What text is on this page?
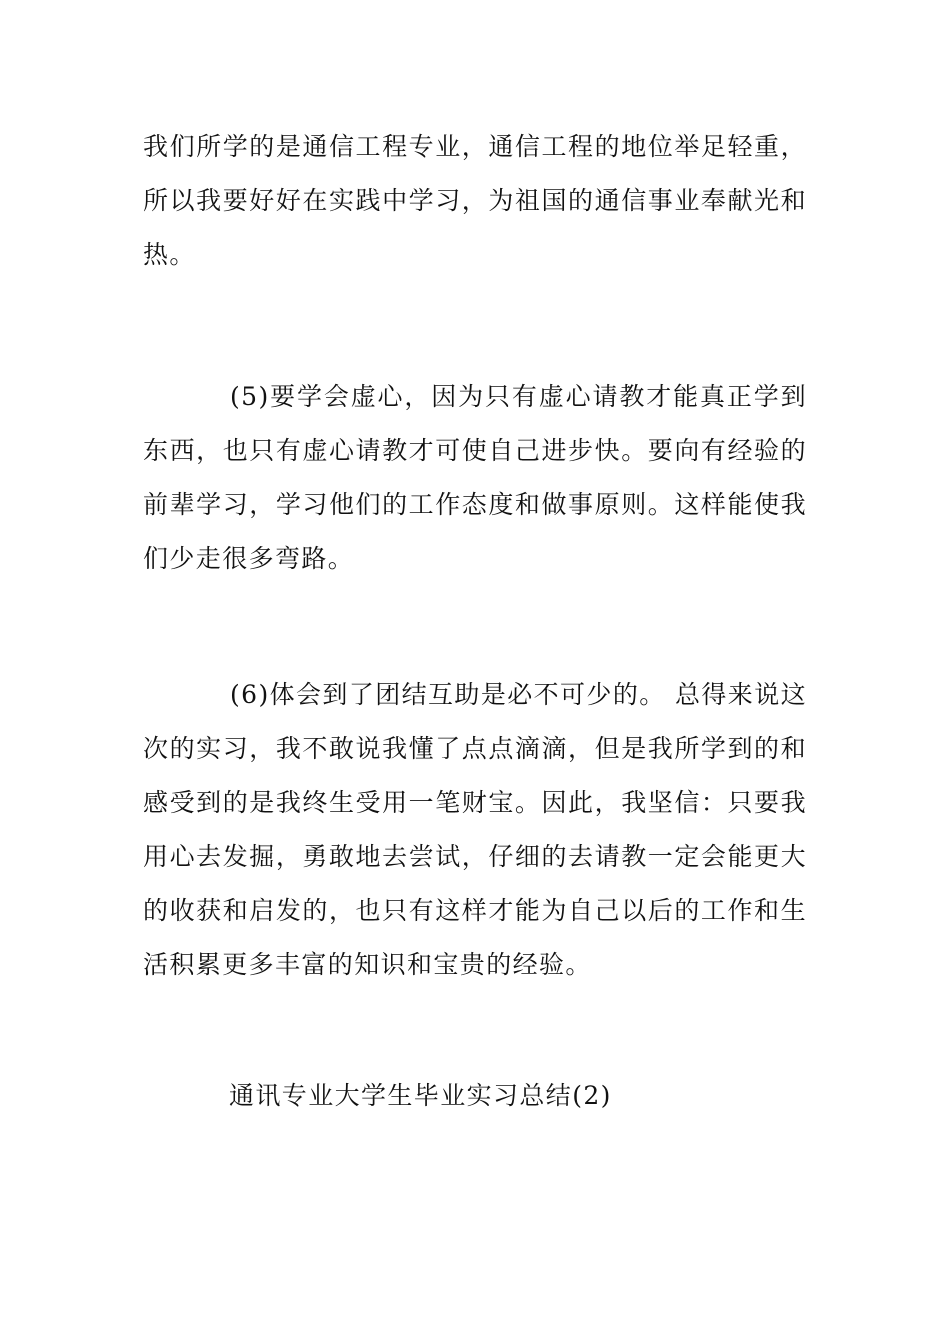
我们所学的是通信工程专业，通信工程的地位举足轻重，所以我要好好在实践中学习，为祖国的通信事业奉献光和热。

(5)要学会虚心，因为只有虚心请教才能真正学到东西，也只有虚心请教才可使自己进步快。要向有经验的前辈学习，学习他们的工作态度和做事原则。这样能使我们少走很多弯路。

(6)体会到了团结互助是必不可少的。 总得来说这次的实习，我不敢说我懂了点点滴滴，但是我所学到的和感受到的是我终生受用一笔财宝。因此，我坚信：只要我用心去发掘，勇敢地去尝试，仔细的去请教一定会能更大的收获和启发的，也只有这样才能为自己以后的工作和生活积累更多丰富的知识和宝贵的经验。

通讯专业大学生毕业实习总结(2)
